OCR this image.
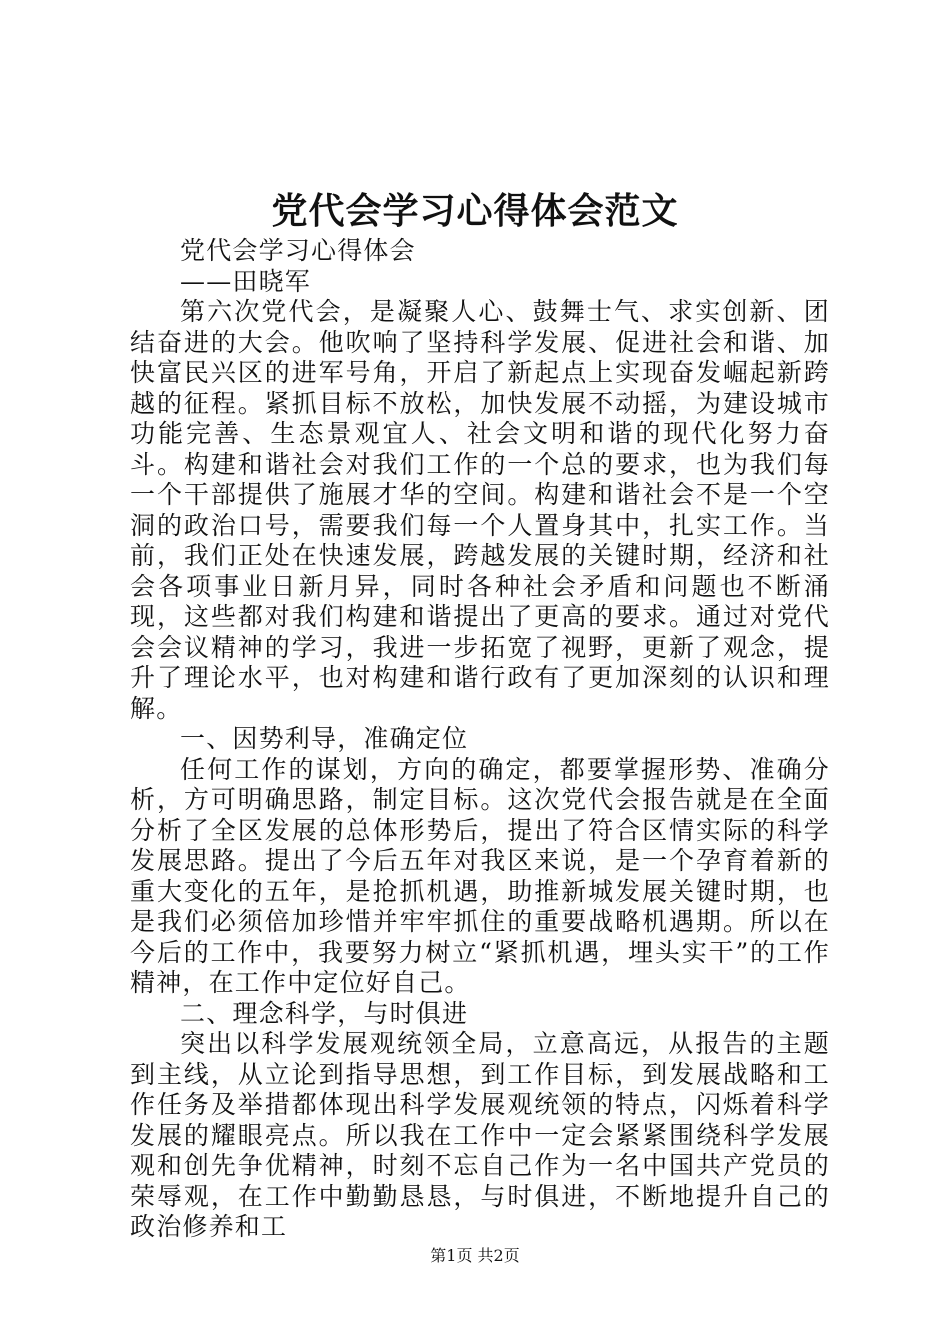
党代会学习心得体会范文

党代会学习心得体会

——田晓军

第六次党代会，是凝聚人心、鼓舞士气、求实创新、团结奋进的大会。他吹响了坚持科学发展、促进社会和谐、加快富民兴区的进军号角，开启了新起点上实现奋发崛起新跨越的征程。紧抓目标不放松，加快发展不动摇，为建设城市功能完善、生态景观宜人、社会文明和谐的现代化努力奋斗。构建和谐社会对我们工作的一个总的要求，也为我们每一个干部提供了施展才华的空间。构建和谐社会不是一个空洞的政治口号，需要我们每一个人置身其中，扎实工作。当前，我们正处在快速发展，跨越发展的关键时期，经济和社会各项事业日新月异，同时各种社会矛盾和问题也不断涌现，这些都对我们构建和谐提出了更高的要求。通过对党代会会议精神的学习，我进一步拓宽了视野，更新了观念，提升了理论水平，也对构建和谐行政有了更加深刻的认识和理解。

一、因势利导，准确定位

任何工作的谋划，方向的确定，都要掌握形势、准确分析，方可明确思路，制定目标。这次党代会报告就是在全面分析了全区发展的总体形势后，提出了符合区情实际的科学发展思路。提出了今后五年对我区来说，是一个孕育着新的重大变化的五年，是抢抓机遇，助推新城发展关键时期，也是我们必须倍加珍惜并牢牢抓住的重要战略机遇期。所以在今后的工作中，我要努力树立“紧抓机遇，埋头实干”的工作精神，在工作中定位好自己。

二、理念科学，与时俱进

突出以科学发展观统领全局，立意高远，从报告的主题到主线，从立论到指导思想，到工作目标，到发展战略和工作任务及举措都体现出科学发展观统领的特点，闪烁着科学发展的耀眼亮点。所以我在工作中一定会紧紧围绕科学发展观和创先争优精神，时刻不忘自己作为一名中国共产党员的荣辱观，在工作中勤勤恳恳，与时俱进，不断地提升自己的政治修养和工

第1页 共2页
